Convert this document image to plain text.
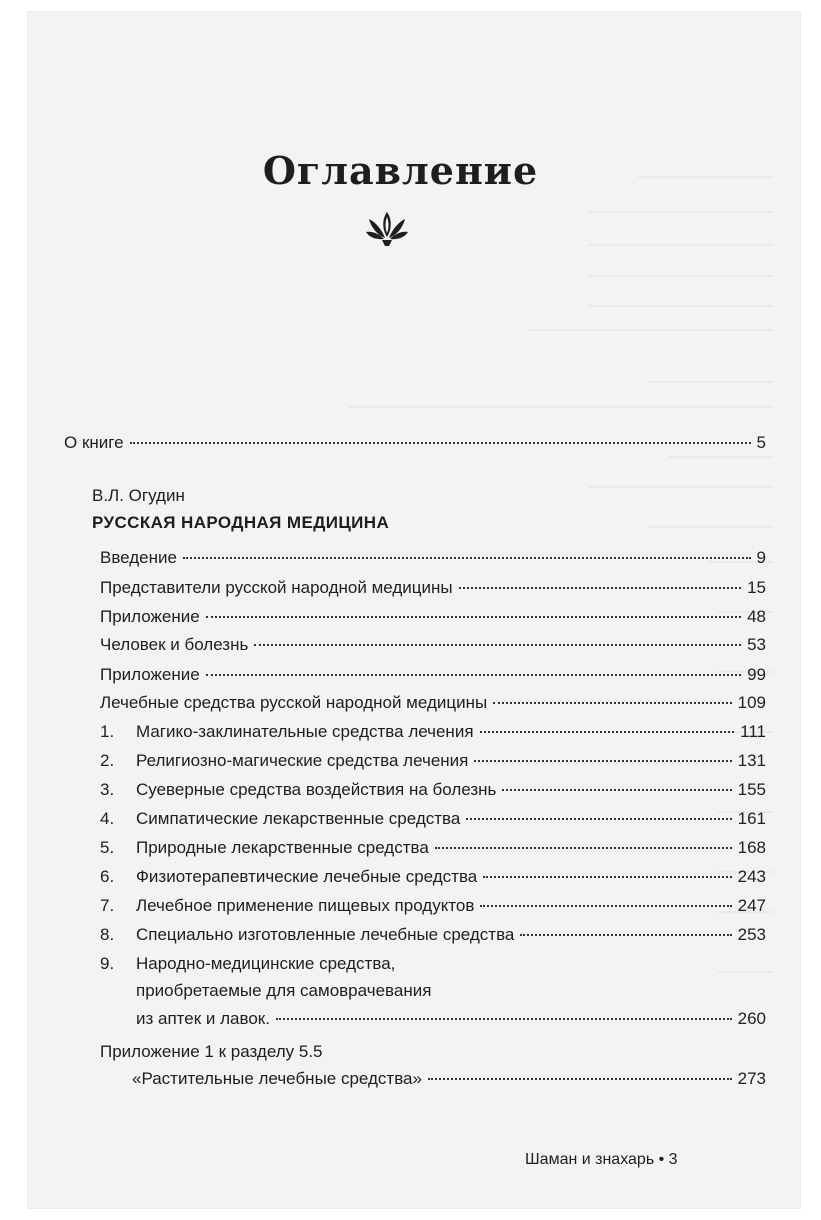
Оглавление
О книге	5
В.Л. Огудин
РУССКАЯ НАРОДНАЯ МЕДИЦИНА
Введение	9
Представители русской народной медицины	15
Приложение	48
Человек и болезнь	53
Приложение	99
Лечебные средства русской народной медицины	109
1.	Магико-заклинательные средства лечения	111
2.	Религиозно-магические средства лечения	131
3.	Суеверные средства воздействия на болезнь	155
4.	Симпатические лекарственные средства	161
5.	Природные лекарственные средства	168
6.	Физиотерапевтические лечебные средства	243
7.	Лечебное применение пищевых продуктов	247
8.	Специально изготовленные лечебные средства	253
9. Народно-медицинские средства,
приобретаемые для самоврачевания
из аптек и лавок.	260
Приложение 1 к разделу 5.5
«Растительные лечебные средства»	273
Шаман и знахарь • 3
